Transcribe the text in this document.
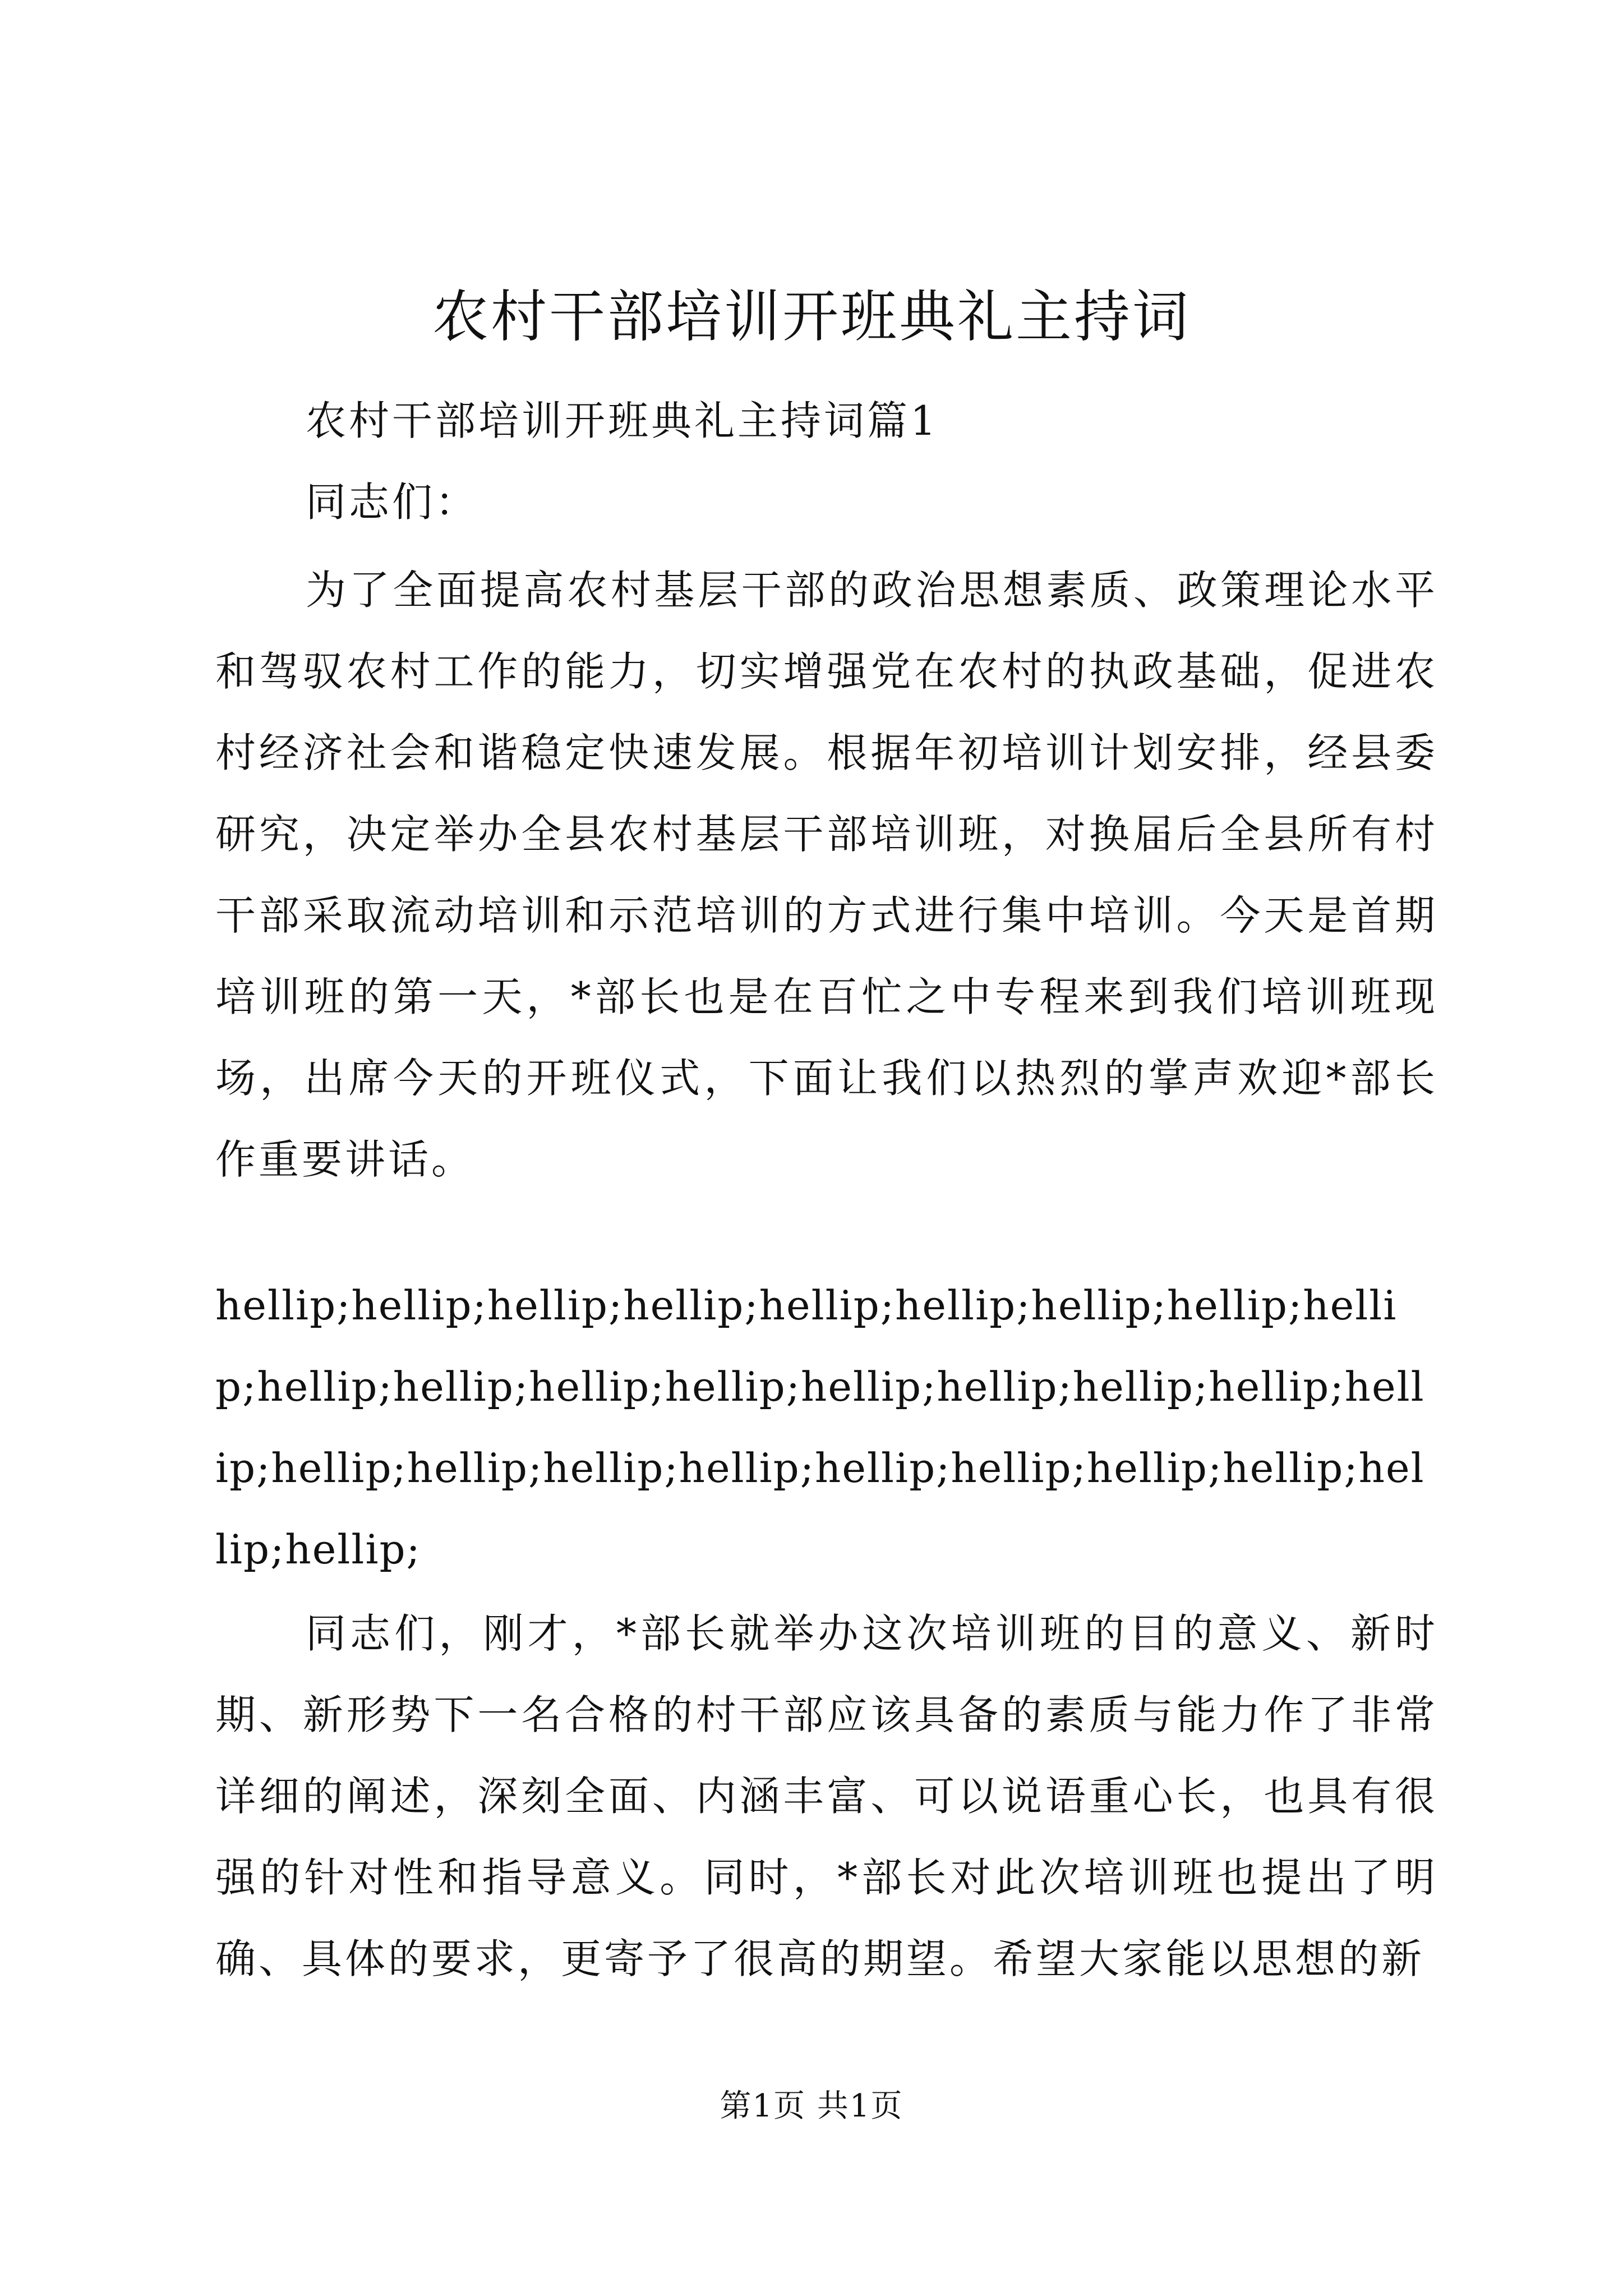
农村干部培训开班典礼主持词
农村干部培训开班典礼主持词篇1
同志们：

为了全面提高农村基层干部的政治思想素质、政策理论水平和驾驭农村工作的能力，切实增强党在农村的执政基础，促进农村经济社会和谐稳定快速发展。根据年初培训计划安排，经县委研究，决定举办全县农村基层干部培训班，对换届后全县所有村干部采取流动培训和示范培训的方式进行集中培训。今天是首期培训班的第一天，*部长也是在百忙之中专程来到我们培训班现场，出席今天的开班仪式，下面让我们以热烈的掌声欢迎*部长作重要讲话。

hellip;hellip;hellip;hellip;hellip;hellip;hellip;hellip;hellip;hellip;hellip;hellip;hellip;hellip;hellip;hellip;hellip;hellip;hellip;hellip;hellip;hellip;hellip;hellip;hellip;hellip;hellip;hellip;

同志们，刚才，*部长就举办这次培训班的目的意义、新时期、新形势下一名合格的村干部应该具备的素质与能力作了非常详细的阐述，深刻全面、内涵丰富、可以说语重心长，也具有很强的针对性和指导意义。同时，*部长对此次培训班也提出了明确、具体的要求，更寄予了很高的期望。希望大家能以思想的新

第1页 共1页
